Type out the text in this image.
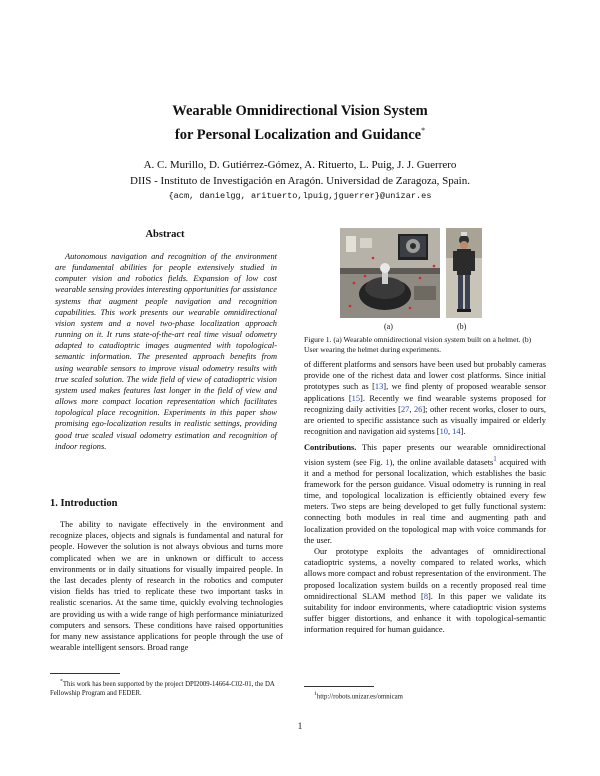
Wearable Omnidirectional Vision System
for Personal Localization and Guidance*
A. C. Murillo, D. Gutiérrez-Gómez, A. Rituerto, L. Puig, J. J. Guerrero
DIIS - Instituto de Investigación en Aragón. Universidad de Zaragoza, Spain.
{acm, danielgg, arituerto,lpuig,jguerrer}@unizar.es
Abstract

Autonomous navigation and recognition of the environment are fundamental abilities for people extensively studied in computer vision and robotics fields. Expansion of low cost wearable sensing provides interesting opportunities for assistance systems that augment people navigation and recognition capabilities. This work presents our wearable omnidirectional vision system and a novel two-phase localization approach running on it. It runs state-of-the-art real time visual odometry adapted to catadioptric images augmented with topological-semantic information. The presented approach benefits from using wearable sensors to improve visual odometry results with true scaled solution. The wide field of view of catadioptric vision system used makes features last longer in the field of view and allows more compact location representation which facilitates topological place recognition. Experiments in this paper show promising ego-localization results in realistic settings, providing good true scaled visual odometry estimation and recognition of indoor regions.

1. Introduction

The ability to navigate effectively in the environment and recognize places, objects and signals is fundamental and natural for people. However the solution is not always obvious and turns more complicated when we are in unknown or difficult to access environments or in daily situations for visually impaired people. In the last decades plenty of research in the robotics and computer vision fields has tried to replicate these two important tasks in realistic scenarios. At the same time, quickly evolving technologies are providing us with a wide range of high performance miniaturized computers and sensors. These conditions have raised opportunities for many new assistance applications for people through the use of wearable intelligent sensors. Broad range

*This work has been supported by the project DPI2009-14664-C02-01, the DA Fellowship Program and FEDER.
(a)	(b)
Figure 1. (a) Wearable omnidirectional vision system built on a helmet. (b) User wearing the helmet during experiments.

of different platforms and sensors have been used but probably cameras provide one of the richest data and lower cost platforms. Since initial prototypes such as [13], we find plenty of proposed wearable sensor applications [15]. Recently we find wearable systems proposed for recognizing daily activities [27, 26]; other recent works, closer to ours, are oriented to specific assistance such as visually impaired or elderly recognition and navigation aid systems [10, 14].

Contributions. This paper presents our wearable omnidirectional vision system (see Fig. 1), the online available datasets$^1$ acquired with it and a method for personal localization, which establishes the basic framework for the person guidance. Visual odometry is running in real time, and topological localization is efficiently obtained every few meters. Two steps are being developed to get fully functional system: connecting both modules in real time and augmenting path and localization provided on the topological map with voice commands for the user.

Our prototype exploits the advantages of omnidirectional catadioptric systems, a novelty compared to related works, which allows more compact and robust representation of the environment. The proposed localization system builds on a recently proposed real time omnidirectional SLAM method [8]. In this paper we validate its suitability for indoor environments, where catadioptric vision systems suffer bigger distortions, and enhance it with topological-semantic information required for human guidance.

$^1$http://robots.unizar.es/omnicam
1
